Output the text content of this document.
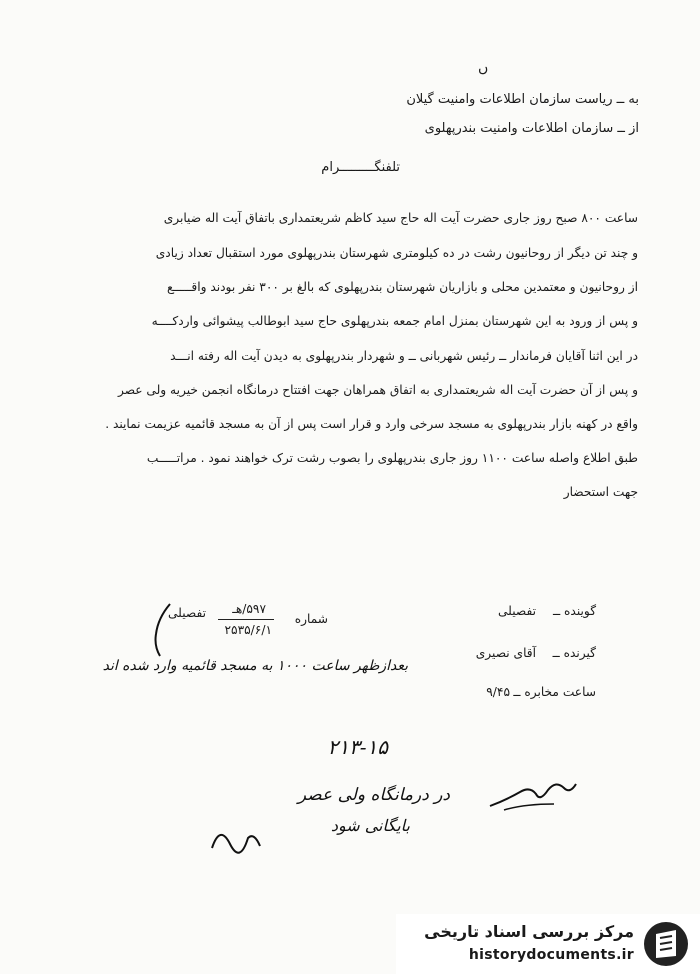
ں
به ــ ریاست سازمان اطلاعات وامنیت گیلان
از ــ سازمان اطلاعات وامنیت بندرپهلوی
تلفنگـــــــــرام
ساعت ۸۰۰ صبح روز جاری حضرت آیت اله حاج سید کاظم شریعتمداری باتفاق آیت اله ضیابری
و چند تن دیگر از روحانیون رشت در ده کیلومتری شهرستان بندرپهلوی مورد استقبال تعداد زیادی
از روحانیون و معتمدین محلی و بازاریان شهرستان بندرپهلوی که بالغ بر ۳۰۰ نفر بودند واقـــــع
و پس از ورود به این شهرستان بمنزل امام جمعه بندرپهلوی حاج سید ابوطالب پیشوائی واردکــــه
در این اثنا آقایان فرماندار ــ رئیس شهربانی ــ و شهردار بندرپهلوی به دیدن آیت اله رفته انـــد
و پس از آن حضرت آیت اله شریعتمداری به اتفاق همراهان جهت افتتاح درمانگاه انجمن خیریه ولی عصر
واقع در کهنه بازار بندرپهلوی به مسجد سرخی وارد و قرار است پس از آن به مسجد قائمیه عزیمت نمایند .
طبق اطلاع واصله ساعت ۱۱۰۰ روز جاری بندرپهلوی را بصوب رشت ترک خواهند نمود . مراتـــــب
جهت استحضار
شماره
۵۹۷/هـ
۲۵۳۵/۶/۱
تفصیلی	گوینده ــ
تفصیلی
گیرنده ــ
آقای نصیری
ساعت مخابره ــ
۹/۴۵
بعدازظهر ساعت ۱۰۰۰ به مسجد قائمیه وارد شده اند
۲۱۳-۱۵
در درمانگاه ولی عصر
بایگانی شود
مرکز بررسی اسناد تاریخی
historydocuments.ir
